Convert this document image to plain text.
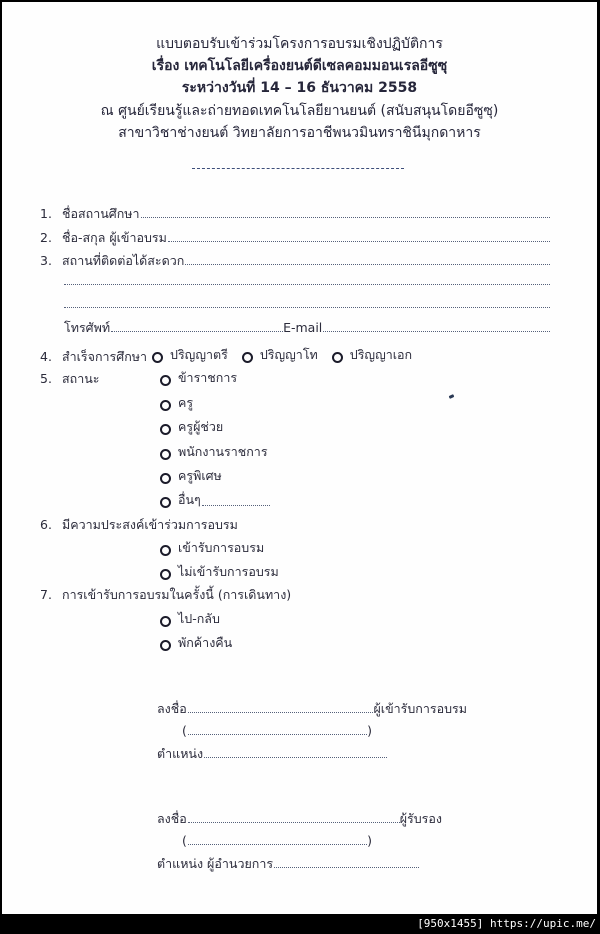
แบบตอบรับเข้าร่วมโครงการอบรมเชิงปฏิบัติการ
เรื่อง เทคโนโลยีเครื่องยนต์ดีเซลคอมมอนเรลอีซูซุ
ระหว่างวันที่ 14 – 16 ธันวาคม 2558
ณ ศูนย์เรียนรู้และถ่ายทอดเทคโนโลยียานยนต์ (สนับสนุนโดยอีซูซุ)
สาขาวิชาช่างยนต์ วิทยาลัยการอาชีพนวมินทราชินีมุกดาหาร
1. ชื่อสถานศึกษา
2. ชื่อ-สกุล ผู้เข้าอบรม
3. สถานที่ติดต่อได้สะดวก
โทรศัพท์	E-mail
4. สำเร็จการศึกษา ปริญญาตรี	ปริญญาโท	ปริญญาเอก
5. สถานะ	ข้าราชการ
ครู
ครูผู้ช่วย
พนักงานราชการ
ครูพิเศษ
อื่นๆ
6. มีความประสงค์เข้าร่วมการอบรม
เข้ารับการอบรม
ไม่เข้ารับการอบรม
7. การเข้ารับการอบรมในครั้งนี้ (การเดินทาง)
ไป-กลับ
พักค้างคืน
ลงชื่อ	ผู้เข้ารับการอบรม
(	)
ตำแหน่ง
ลงชื่อ	ผู้รับรอง
(	)
ตำแหน่ง ผู้อำนวยการ
[950x1455] https://upic.me/
